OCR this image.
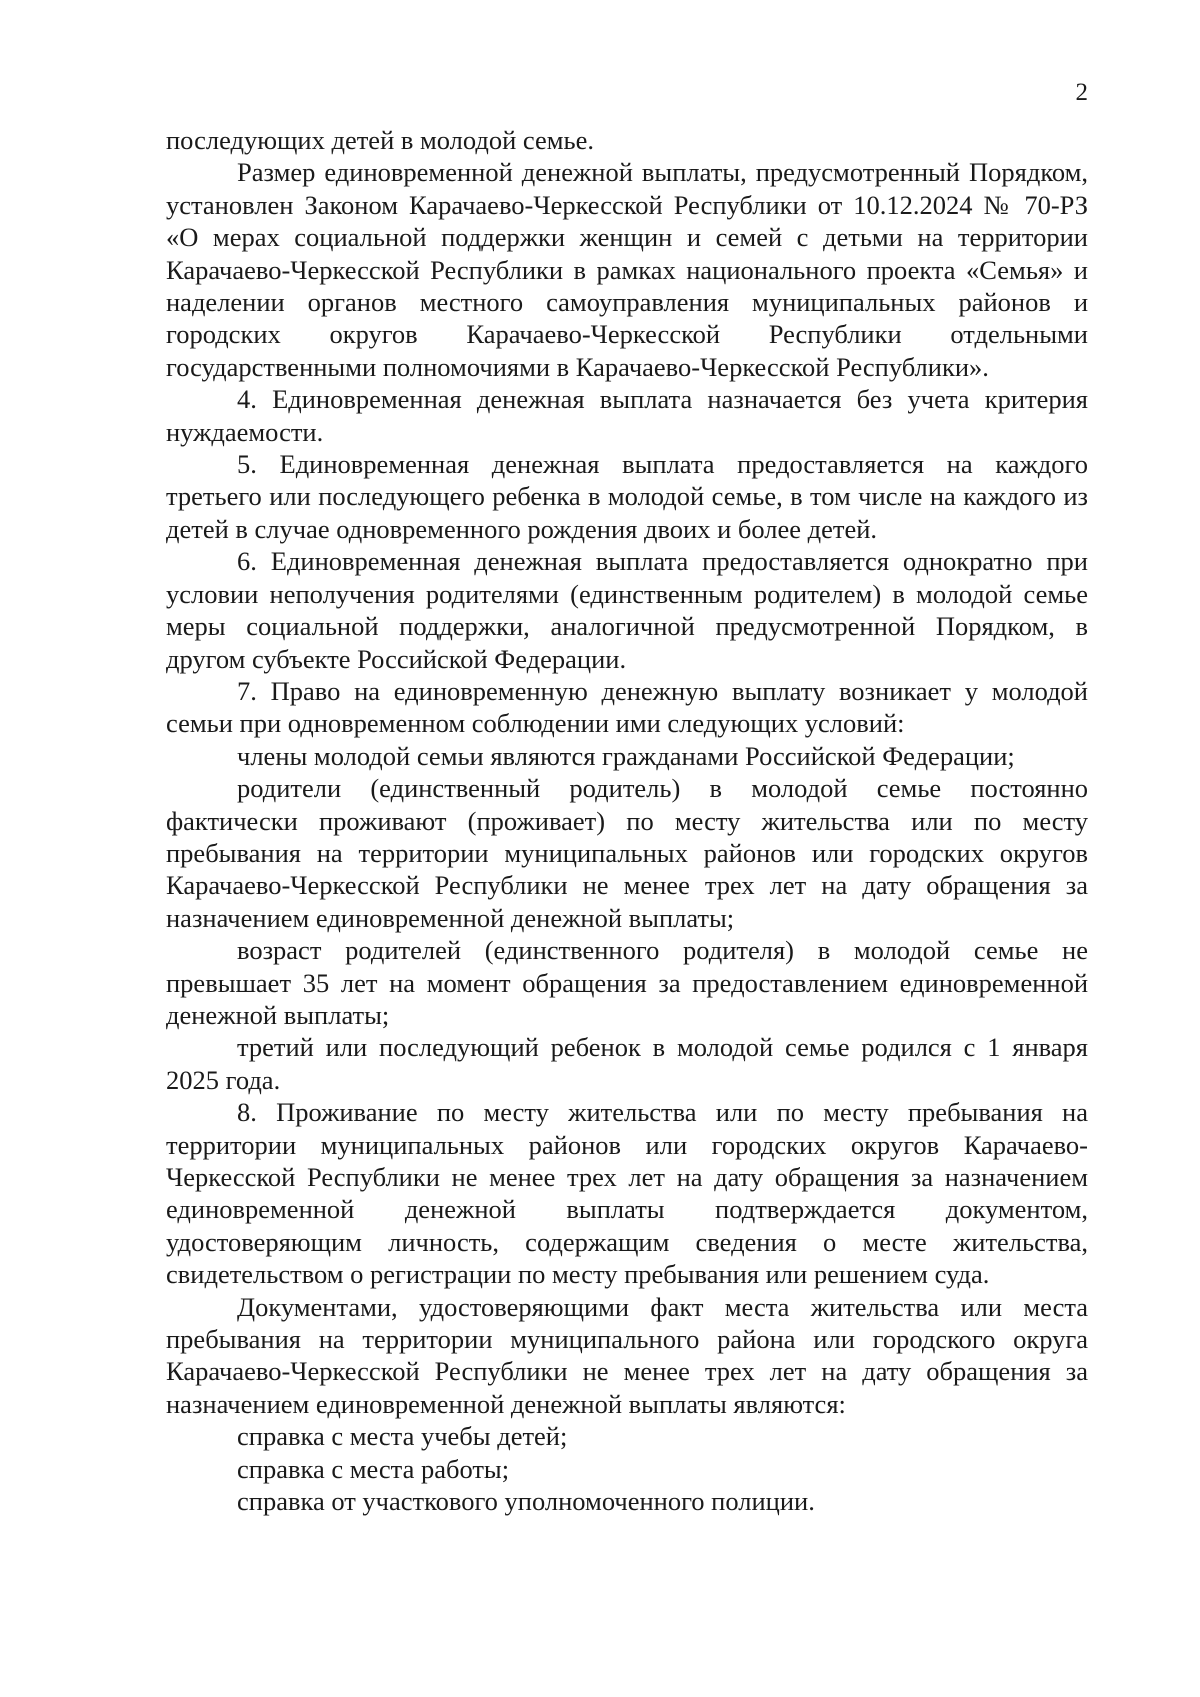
2

последующих детей в молодой семье.

Размер единовременной денежной выплаты, предусмотренный Порядком, установлен Законом Карачаево-Черкесской Республики от 10.12.2024 № 70-РЗ «О мерах социальной поддержки женщин и семей с детьми на территории Карачаево-Черкесской Республики в рамках национального проекта «Семья» и наделении органов местного самоуправления муниципальных районов и городских округов Карачаево-Черкесской Республики отдельными государственными полномочиями в Карачаево-Черкесской Республики».

4. Единовременная денежная выплата назначается без учета критерия нуждаемости.

5. Единовременная денежная выплата предоставляется на каждого третьего или последующего ребенка в молодой семье, в том числе на каждого из детей в случае одновременного рождения двоих и более детей.

6. Единовременная денежная выплата предоставляется однократно при условии неполучения родителями (единственным родителем) в молодой семье меры социальной поддержки, аналогичной предусмотренной Порядком, в другом субъекте Российской Федерации.

7. Право на единовременную денежную выплату возникает у молодой семьи при одновременном соблюдении ими следующих условий:

члены молодой семьи являются гражданами Российской Федерации;

родители (единственный родитель) в молодой семье постоянно фактически проживают (проживает) по месту жительства или по месту пребывания на территории муниципальных районов или городских округов Карачаево-Черкесской Республики не менее трех лет на дату обращения за назначением единовременной денежной выплаты;

возраст родителей (единственного родителя) в молодой семье не превышает 35 лет на момент обращения за предоставлением единовременной денежной выплаты;

третий или последующий ребенок в молодой семье родился с 1 января 2025 года.

8. Проживание по месту жительства или по месту пребывания на территории муниципальных районов или городских округов Карачаево-Черкесской Республики не менее трех лет на дату обращения за назначением единовременной денежной выплаты подтверждается документом, удостоверяющим личность, содержащим сведения о месте жительства, свидетельством о регистрации по месту пребывания или решением суда.

Документами, удостоверяющими факт места жительства или места пребывания на территории муниципального района или городского округа Карачаево-Черкесской Республики не менее трех лет на дату обращения за назначением единовременной денежной выплаты являются:

справка с места учебы детей;

справка с места работы;

справка от участкового уполномоченного полиции.
